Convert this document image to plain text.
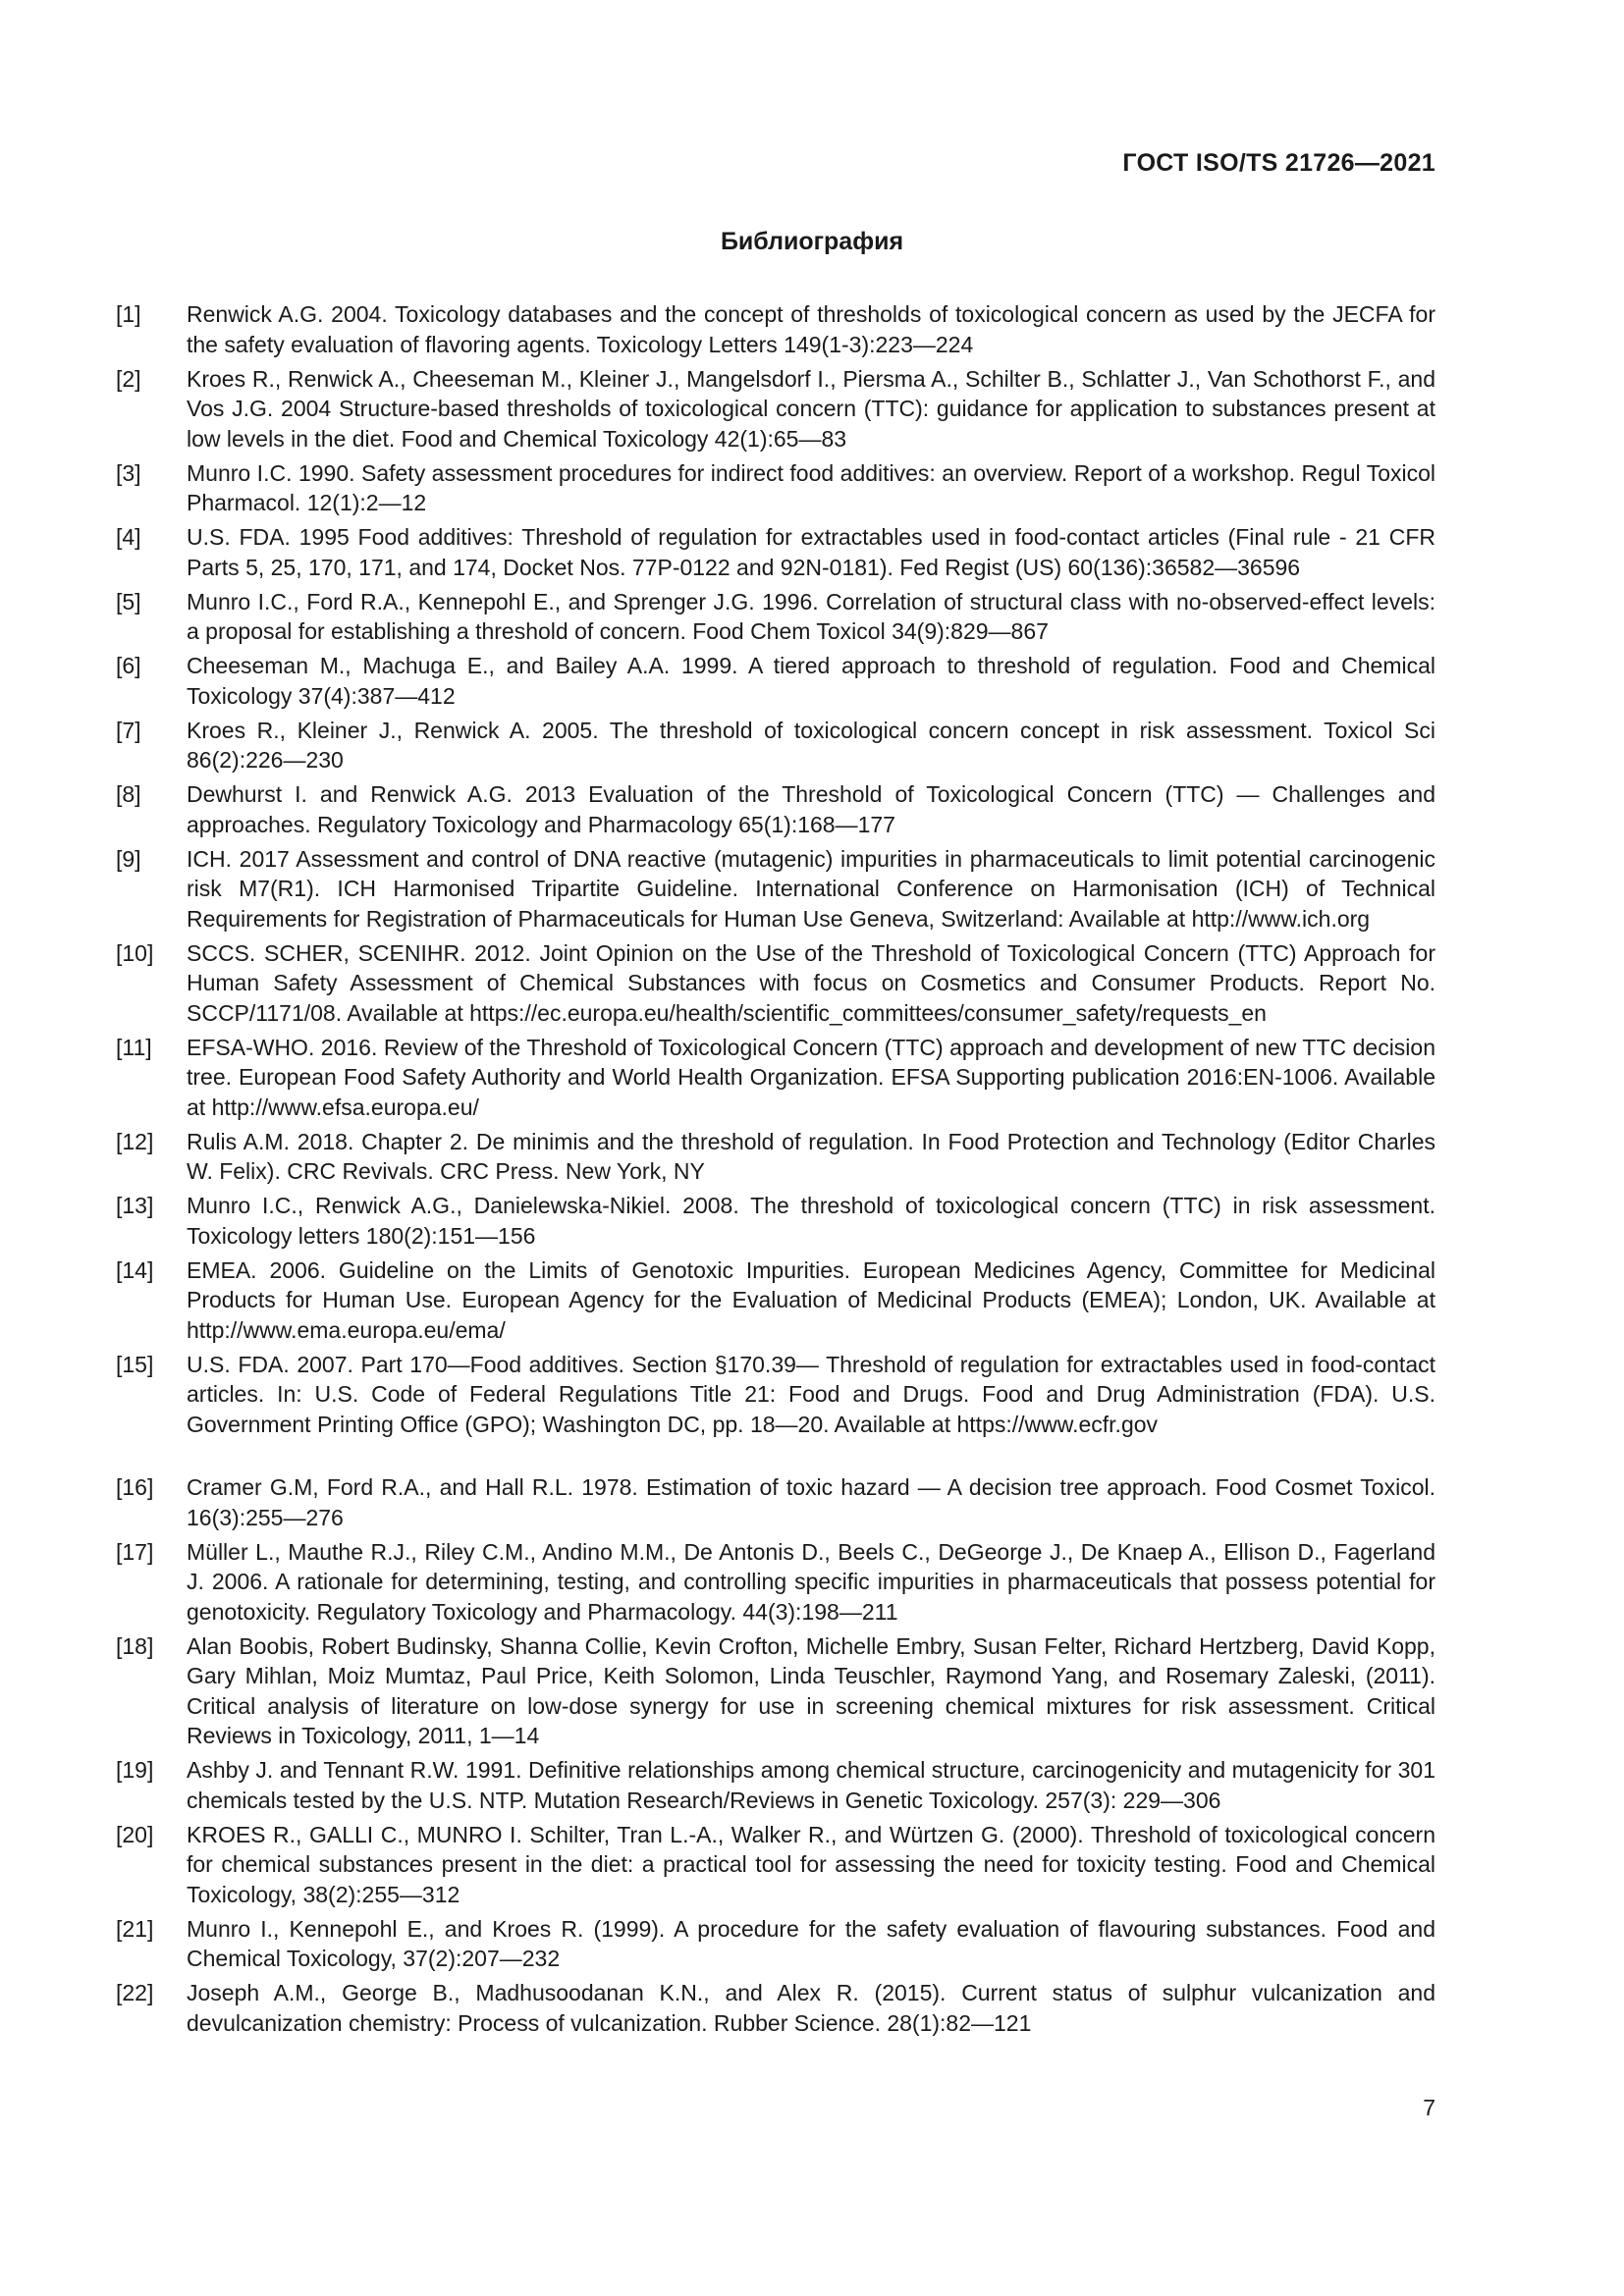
ГОСТ ISO/TS 21726—2021

Библиография
[1]	Renwick A.G. 2004. Toxicology databases and the concept of thresholds of toxicological concern as used by the JECFA for the safety evaluation of flavoring agents. Toxicology Letters 149(1-3):223—224
[2]	Kroes R., Renwick A., Cheeseman M., Kleiner J., Mangelsdorf I., Piersma A., Schilter B., Schlatter J., Van Schothorst F., and Vos J.G. 2004 Structure-based thresholds of toxicological concern (TTC): guidance for application to substances present at low levels in the diet. Food and Chemical Toxicology 42(1):65—83
[3]	Munro I.C. 1990. Safety assessment procedures for indirect food additives: an overview. Report of a workshop. Regul Toxicol Pharmacol. 12(1):2—12
[4]	U.S. FDA. 1995 Food additives: Threshold of regulation for extractables used in food-contact articles (Final rule - 21 CFR Parts 5, 25, 170, 171, and 174, Docket Nos. 77P-0122 and 92N-0181). Fed Regist (US) 60(136):36582—36596
[5]	Munro I.C., Ford R.A., Kennepohl E., and Sprenger J.G. 1996. Correlation of structural class with no-observed-effect levels: a proposal for establishing a threshold of concern. Food Chem Toxicol 34(9):829—867
[6]	Cheeseman M., Machuga E., and Bailey A.A. 1999. A tiered approach to threshold of regulation. Food and Chemical Toxicology 37(4):387—412
[7]	Kroes R., Kleiner J., Renwick A. 2005. The threshold of toxicological concern concept in risk assessment. Toxicol Sci 86(2):226—230
[8]	Dewhurst I. and Renwick A.G. 2013 Evaluation of the Threshold of Toxicological Concern (TTC) — Challenges and approaches. Regulatory Toxicology and Pharmacology 65(1):168—177
[9]	ICH. 2017 Assessment and control of DNA reactive (mutagenic) impurities in pharmaceuticals to limit potential carcinogenic risk M7(R1). ICH Harmonised Tripartite Guideline. International Conference on Harmonisation (ICH) of Technical Requirements for Registration of Pharmaceuticals for Human Use Geneva, Switzerland: Available at http://www.ich.org
[10]	SCCS. SCHER, SCENIHR. 2012. Joint Opinion on the Use of the Threshold of Toxicological Concern (TTC) Approach for Human Safety Assessment of Chemical Substances with focus on Cosmetics and Consumer Products. Report No. SCCP/1171/08. Available at https://ec.europa.eu/health/scientific_committees/consumer_safety/requests_en
[11]	EFSA-WHO. 2016. Review of the Threshold of Toxicological Concern (TTC) approach and development of new TTC decision tree. European Food Safety Authority and World Health Organization. EFSA Supporting publication 2016:EN-1006. Available at http://www.efsa.europa.eu/
[12]	Rulis A.M. 2018. Chapter 2. De minimis and the threshold of regulation. In Food Protection and Technology (Editor Charles W. Felix). CRC Revivals. CRC Press. New York, NY
[13]	Munro I.C., Renwick A.G., Danielewska-Nikiel. 2008. The threshold of toxicological concern (TTC) in risk assessment. Toxicology letters 180(2):151—156
[14]	EMEA. 2006. Guideline on the Limits of Genotoxic Impurities. European Medicines Agency, Committee for Medicinal Products for Human Use. European Agency for the Evaluation of Medicinal Products (EMEA); London, UK. Available at http://www.ema.europa.eu/ema/
[15]	U.S. FDA. 2007. Part 170—Food additives. Section §170.39— Threshold of regulation for extractables used in food-contact articles. In: U.S. Code of Federal Regulations Title 21: Food and Drugs. Food and Drug Administration (FDA). U.S. Government Printing Office (GPO); Washington DC, pp. 18—20. Available at https://www.ecfr.gov
[16]	Cramer G.M, Ford R.A., and Hall R.L. 1978. Estimation of toxic hazard — A decision tree approach. Food Cosmet Toxicol. 16(3):255—276
[17]	Müller L., Mauthe R.J., Riley C.M., Andino M.M., De Antonis D., Beels C., DeGeorge J., De Knaep A., Ellison D., Fagerland J. 2006. A rationale for determining, testing, and controlling specific impurities in pharmaceuticals that possess potential for genotoxicity. Regulatory Toxicology and Pharmacology. 44(3):198—211
[18]	Alan Boobis, Robert Budinsky, Shanna Collie, Kevin Crofton, Michelle Embry, Susan Felter, Richard Hertzberg, David Kopp, Gary Mihlan, Moiz Mumtaz, Paul Price, Keith Solomon, Linda Teuschler, Raymond Yang, and Rosemary Zaleski, (2011). Critical analysis of literature on low-dose synergy for use in screening chemical mixtures for risk assessment. Critical Reviews in Toxicology, 2011, 1—14
[19]	Ashby J. and Tennant R.W. 1991. Definitive relationships among chemical structure, carcinogenicity and mutagenicity for 301 chemicals tested by the U.S. NTP. Mutation Research/Reviews in Genetic Toxicology. 257(3): 229—306
[20]	KROES R., GALLI C., MUNRO I. Schilter, Tran L.-A., Walker R., and Würtzen G. (2000). Threshold of toxicological concern for chemical substances present in the diet: a practical tool for assessing the need for toxicity testing. Food and Chemical Toxicology, 38(2):255—312
[21]	Munro I., Kennepohl E., and Kroes R. (1999). A procedure for the safety evaluation of flavouring substances. Food and Chemical Toxicology, 37(2):207—232
[22]	Joseph A.M., George B., Madhusoodanan K.N., and Alex R. (2015). Current status of sulphur vulcanization and devulcanization chemistry: Process of vulcanization. Rubber Science. 28(1):82—121

7
